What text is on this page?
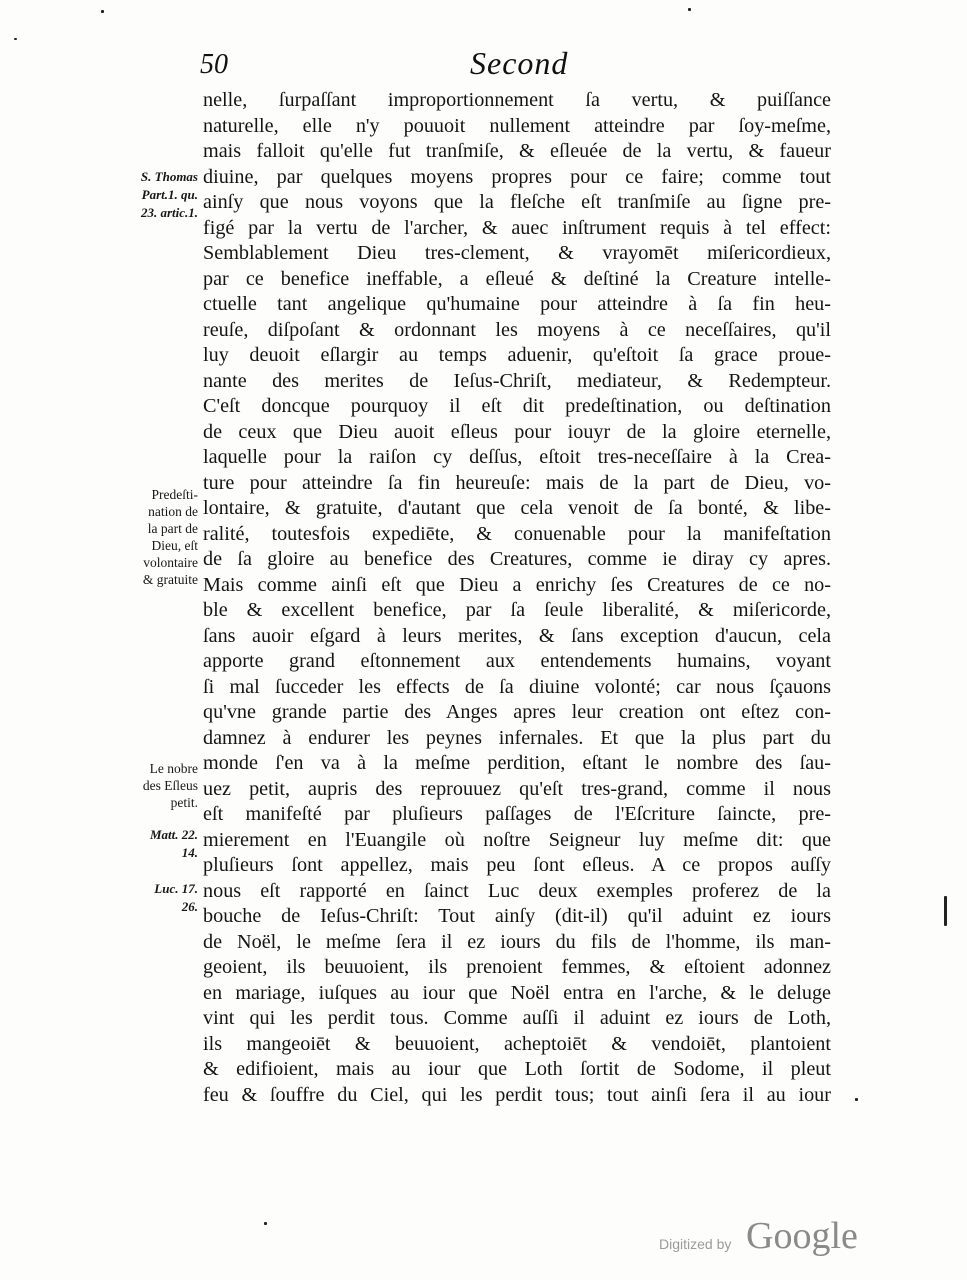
50	Second
nelle, ſurpaſſant improportionnement ſa vertu, & puiſſance
naturelle, elle n'y pouuoit nullement atteindre par ſoy-meſme,
mais falloit qu'elle fut tranſmiſe, & eſleuée de la vertu, & faueur
diuine, par quelques moyens propres pour ce faire; comme tout
ainſy que nous voyons que la fleſche eſt tranſmiſe au ſigne pre-
figé par la vertu de l'archer, & auec inſtrument requis à tel effect:
Semblablement Dieu tres-clement, & vrayomēt miſericordieux,
par ce benefice ineffable, a eſleué & deſtiné la Creature intelle-
ctuelle tant angelique qu'humaine pour atteindre à ſa fin heu-
reuſe, diſpoſant & ordonnant les moyens à ce neceſſaires, qu'il
luy deuoit eſlargir au temps aduenir, qu'eſtoit ſa grace proue-
nante des merites de Ieſus-Chriſt, mediateur, & Redempteur.
C'eſt doncque pourquoy il eſt dit predeſtination, ou deſtination
de ceux que Dieu auoit eſleus pour iouyr de la gloire eternelle,
laquelle pour la raiſon cy deſſus, eſtoit tres-neceſſaire à la Crea-
ture pour atteindre ſa fin heureuſe: mais de la part de Dieu, vo-
lontaire, & gratuite, d'autant que cela venoit de ſa bonté, & libe-
ralité, toutesfois expediēte, & conuenable pour la manifeſtation
de ſa gloire au benefice des Creatures, comme ie diray cy apres.
Mais comme ainſi eſt que Dieu a enrichy ſes Creatures de ce no-
ble & excellent benefice, par ſa ſeule liberalité, & miſericorde,
ſans auoir eſgard à leurs merites, & ſans exception d'aucun, cela
apporte grand eſtonnement aux entendements humains, voyant
ſi mal ſucceder les effects de ſa diuine volonté; car nous ſçauons
qu'vne grande partie des Anges apres leur creation ont eſtez con-
damnez à endurer les peynes infernales. Et que la plus part du
monde ſ'en va à la meſme perdition, eſtant le nombre des ſau-
uez petit, aupris des reprouuez qu'eſt tres-grand, comme il nous
eſt manifeſté par pluſieurs paſſages de l'Eſcriture ſaincte, pre-
mierement en l'Euangile où noſtre Seigneur luy meſme dit: que
pluſieurs ſont appellez, mais peu ſont eſleus. A ce propos auſſy
nous eſt rapporté en ſainct Luc deux exemples proferez de la
bouche de Ieſus-Chriſt: Tout ainſy (dit-il) qu'il aduint ez iours
de Noël, le meſme ſera il ez iours du fils de l'homme, ils man-
geoient, ils beuuoient, ils prenoient femmes, & eſtoient adonnez
en mariage, iuſques au iour que Noël entra en l'arche, & le deluge
vint qui les perdit tous. Comme auſſi il aduint ez iours de Loth,
ils mangeoiēt & beuuoient, acheptoiēt & vendoiēt, plantoient
& edifioient, mais au iour que Loth ſortit de Sodome, il pleut
feu & ſouffre du Ciel, qui les perdit tous; tout ainſi ſera il au iour
S. Thomas
Part.1. qu.
23. artic.1.
Predeſti-
nation de
la part de
Dieu, eſt
volontaire
& gratuite
Le nobre
des Eſleus
petit.
Matt. 22.
14.
Luc. 17.
26.
Digitized by Google
